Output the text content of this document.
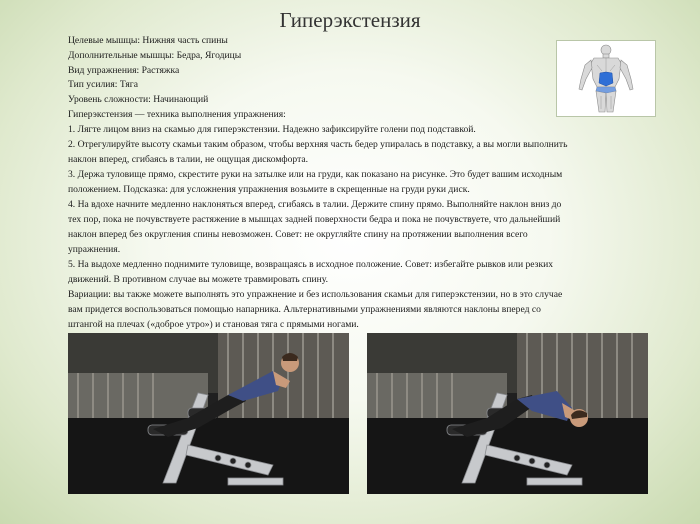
Гиперэкстензия
Целевые мышцы: Нижняя часть спины
Дополнительные мышцы: Бедра, Ягодицы
Вид упражнения: Растяжка
Тип усилия: Тяга
Уровень сложности: Начинающий
Гиперэкстензия — техника выполнения упражнения:
1. Лягте лицом вниз на скамью для гиперэкстензии. Надежно зафиксируйте голени под подставкой.
2. Отрегулируйте высоту скамьи таким образом, чтобы верхняя часть бедер упиралась в подставку, а вы могли выполнить
наклон вперед, сгибаясь в талии, не ощущая дискомфорта.
3. Держа туловище прямо, скрестите руки на затылке или на груди, как показано на рисунке. Это будет вашим исходным
положением. Подсказка: для усложнения упражнения возьмите в скрещенные на груди руки диск.
4. На вдохе начните медленно наклоняться вперед, сгибаясь в талии. Держите спину прямо. Выполняйте наклон вниз до
тех пор, пока не почувствуете растяжение в мышцах задней поверхности бедра и пока не почувствуете, что дальнейший
наклон вперед без округления спины невозможен. Совет: не округляйте спину на протяжении выполнения всего
упражнения.
5. На выдохе медленно поднимите туловище, возвращаясь в исходное положение. Совет: избегайте рывков или резких
движений. В противном случае вы можете травмировать спину.
Вариации: вы также можете выполнять это упражнение и без использования скамьи для гиперэкстензии, но в это случае
вам придется воспользоваться помощью напарника. Альтернативными упражнениями являются наклоны вперед со
штангой на плечах («доброе утро») и становая тяга с прямыми ногами.
